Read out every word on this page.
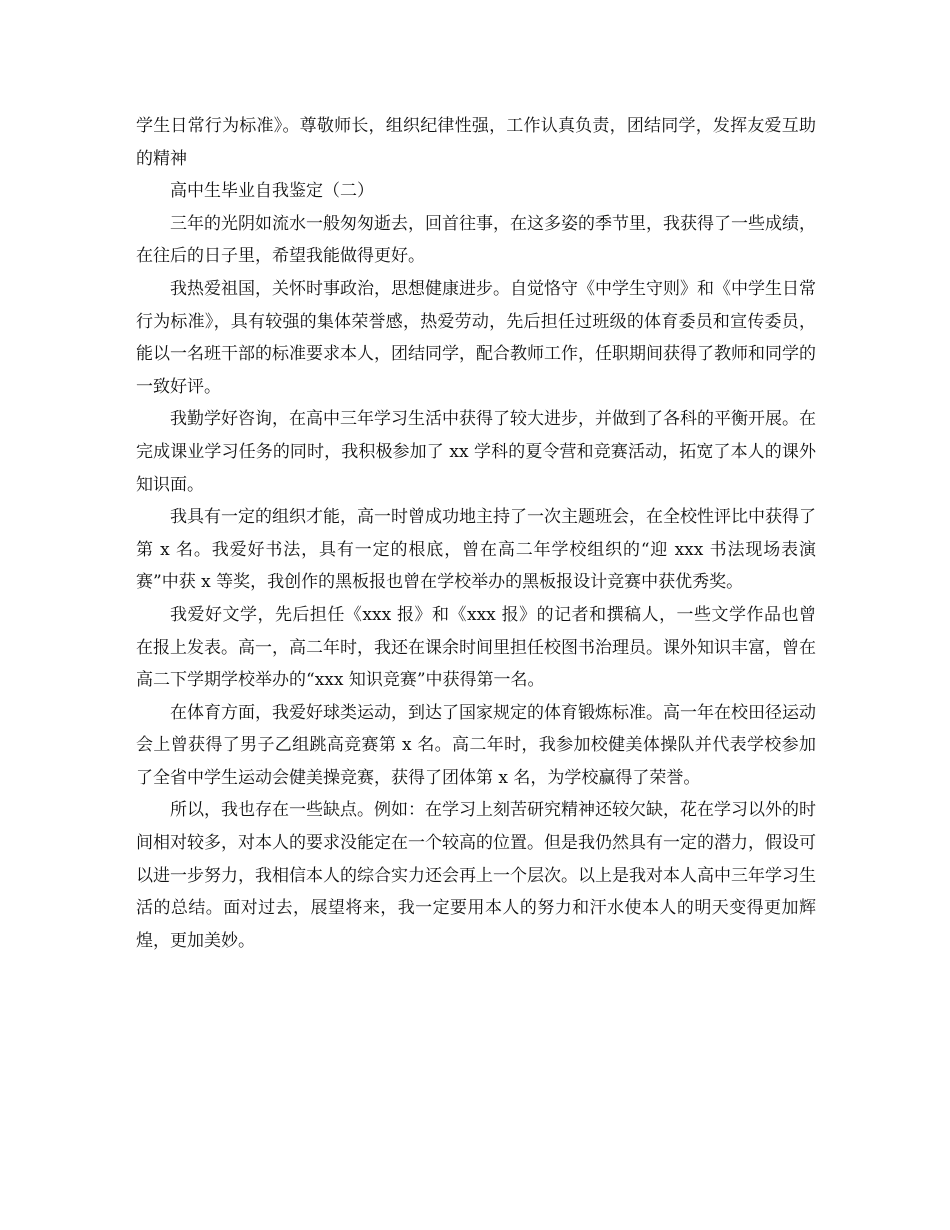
学生日常行为标准》。尊敬师长，组织纪律性强，工作认真负责，团结同学，发挥友爱互助的精神

高中生毕业自我鉴定（二）

三年的光阴如流水一般匆匆逝去，回首往事，在这多姿的季节里，我获得了一些成绩，在往后的日子里，希望我能做得更好。

我热爱祖国，关怀时事政治，思想健康进步。自觉恪守《中学生守则》和《中学生日常行为标准》，具有较强的集体荣誉感，热爱劳动，先后担任过班级的体育委员和宣传委员，能以一名班干部的标准要求本人，团结同学，配合教师工作，任职期间获得了教师和同学的一致好评。

我勤学好咨询，在高中三年学习生活中获得了较大进步，并做到了各科的平衡开展。在完成课业学习任务的同时，我积极参加了 xx 学科的夏令营和竞赛活动，拓宽了本人的课外知识面。

我具有一定的组织才能，高一时曾成功地主持了一次主题班会，在全校性评比中获得了第 x 名。我爱好书法，具有一定的根底，曾在高二年学校组织的“迎 xxx 书法现场表演赛”中获 x 等奖，我创作的黑板报也曾在学校举办的黑板报设计竞赛中获优秀奖。

我爱好文学，先后担任《xxx 报》和《xxx 报》的记者和撰稿人，一些文学作品也曾在报上发表。高一，高二年时，我还在课余时间里担任校图书治理员。课外知识丰富，曾在高二下学期学校举办的“xxx 知识竞赛”中获得第一名。

在体育方面，我爱好球类运动，到达了国家规定的体育锻炼标准。高一年在校田径运动会上曾获得了男子乙组跳高竞赛第 x 名。高二年时，我参加校健美体操队并代表学校参加了全省中学生运动会健美操竞赛，获得了团体第 x 名，为学校赢得了荣誉。

所以，我也存在一些缺点。例如：在学习上刻苦研究精神还较欠缺，花在学习以外的时间相对较多，对本人的要求没能定在一个较高的位置。但是我仍然具有一定的潜力，假设可以进一步努力，我相信本人的综合实力还会再上一个层次。以上是我对本人高中三年学习生活的总结。面对过去，展望将来，我一定要用本人的努力和汗水使本人的明天变得更加辉煌，更加美妙。
